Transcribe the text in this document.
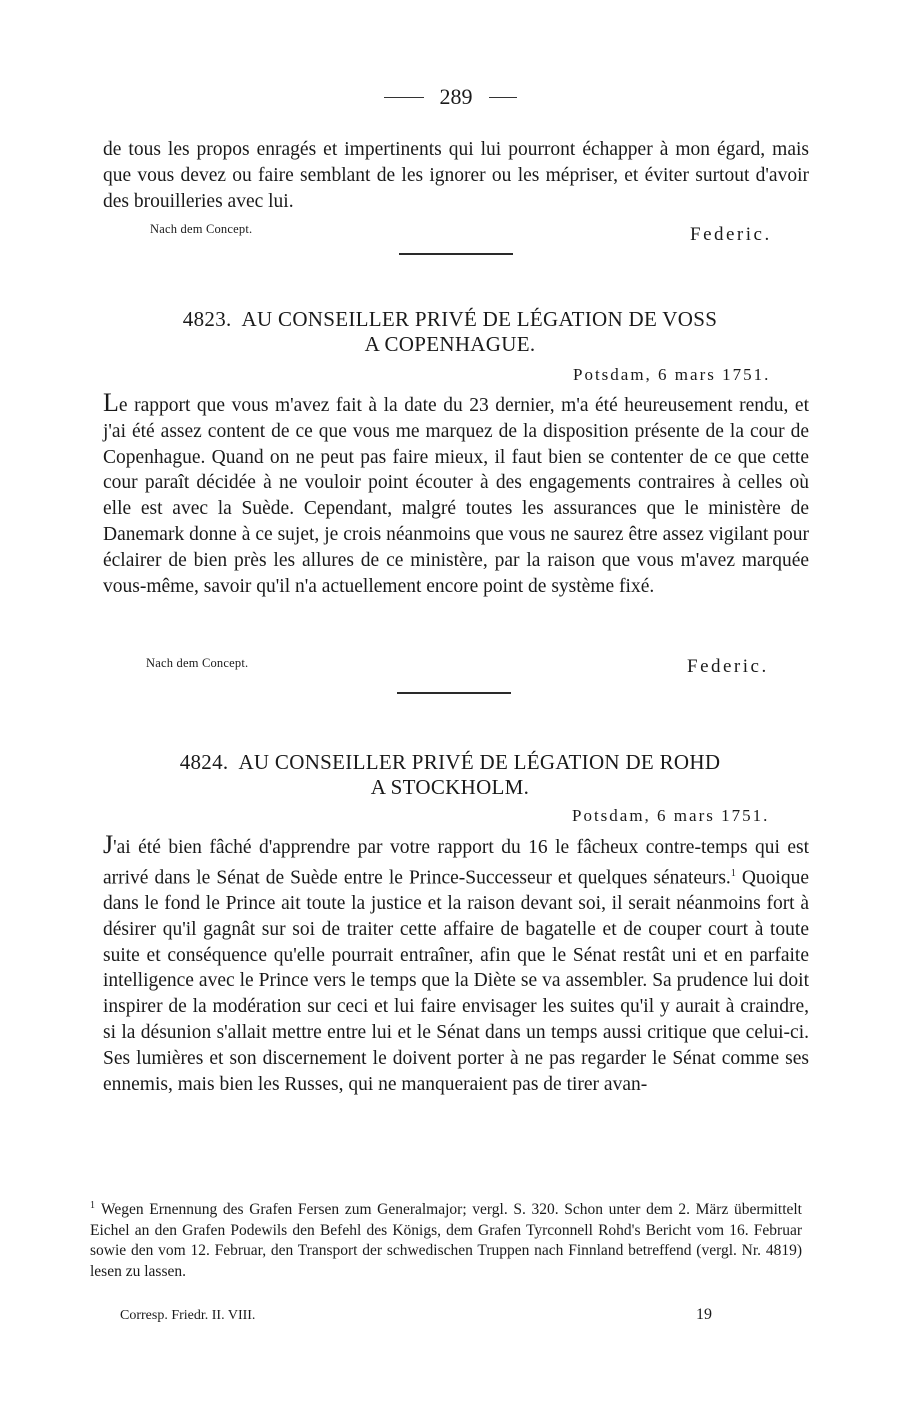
289
de tous les propos enragés et impertinents qui lui pourront échapper à mon égard, mais que vous devez ou faire semblant de les ignorer ou les mépriser, et éviter surtout d'avoir des brouilleries avec lui.
Nach dem Concept.	Federic.
4823. AU CONSEILLER PRIVÉ DE LÉGATION DE VOSS
A COPENHAGUE.
Potsdam, 6 mars 1751.
Le rapport que vous m'avez fait à la date du 23 dernier, m'a été heureusement rendu, et j'ai été assez content de ce que vous me marquez de la disposition présente de la cour de Copenhague. Quand on ne peut pas faire mieux, il faut bien se contenter de ce que cette cour paraît décidée à ne vouloir point écouter à des engagements contraires à celles où elle est avec la Suède. Cependant, malgré toutes les assurances que le ministère de Danemark donne à ce sujet, je crois néanmoins que vous ne saurez être assez vigilant pour éclairer de bien près les allures de ce ministère, par la raison que vous m'avez marquée vous-même, savoir qu'il n'a actuellement encore point de système fixé.
Nach dem Concept.	Federic.
4824. AU CONSEILLER PRIVÉ DE LÉGATION DE ROHD
A STOCKHOLM.
Potsdam, 6 mars 1751.
J'ai été bien fâché d'apprendre par votre rapport du 16 le fâcheux contre-temps qui est arrivé dans le Sénat de Suède entre le Prince-Successeur et quelques sénateurs.$^1$ Quoique dans le fond le Prince ait toute la justice et la raison devant soi, il serait néanmoins fort à désirer qu'il gagnât sur soi de traiter cette affaire de bagatelle et de couper court à toute suite et conséquence qu'elle pourrait entraîner, afin que le Sénat restât uni et en parfaite intelligence avec le Prince vers le temps que la Diète se va assembler. Sa prudence lui doit inspirer de la modération sur ceci et lui faire envisager les suites qu'il y aurait à craindre, si la désunion s'allait mettre entre lui et le Sénat dans un temps aussi critique que celui-ci. Ses lumières et son discernement le doivent porter à ne pas regarder le Sénat comme ses ennemis, mais bien les Russes, qui ne manqueraient pas de tirer avan-
$^1$ Wegen Ernennung des Grafen Fersen zum Generalmajor; vergl. S. 320. Schon unter dem 2. März übermittelt Eichel an den Grafen Podewils den Befehl des Königs, dem Grafen Tyrconnell Rohd's Bericht vom 16. Februar sowie den vom 12. Februar, den Transport der schwedischen Truppen nach Finnland betreffend (vergl. Nr. 4819) lesen zu lassen.
Corresp. Friedr. II. VIII.	19
